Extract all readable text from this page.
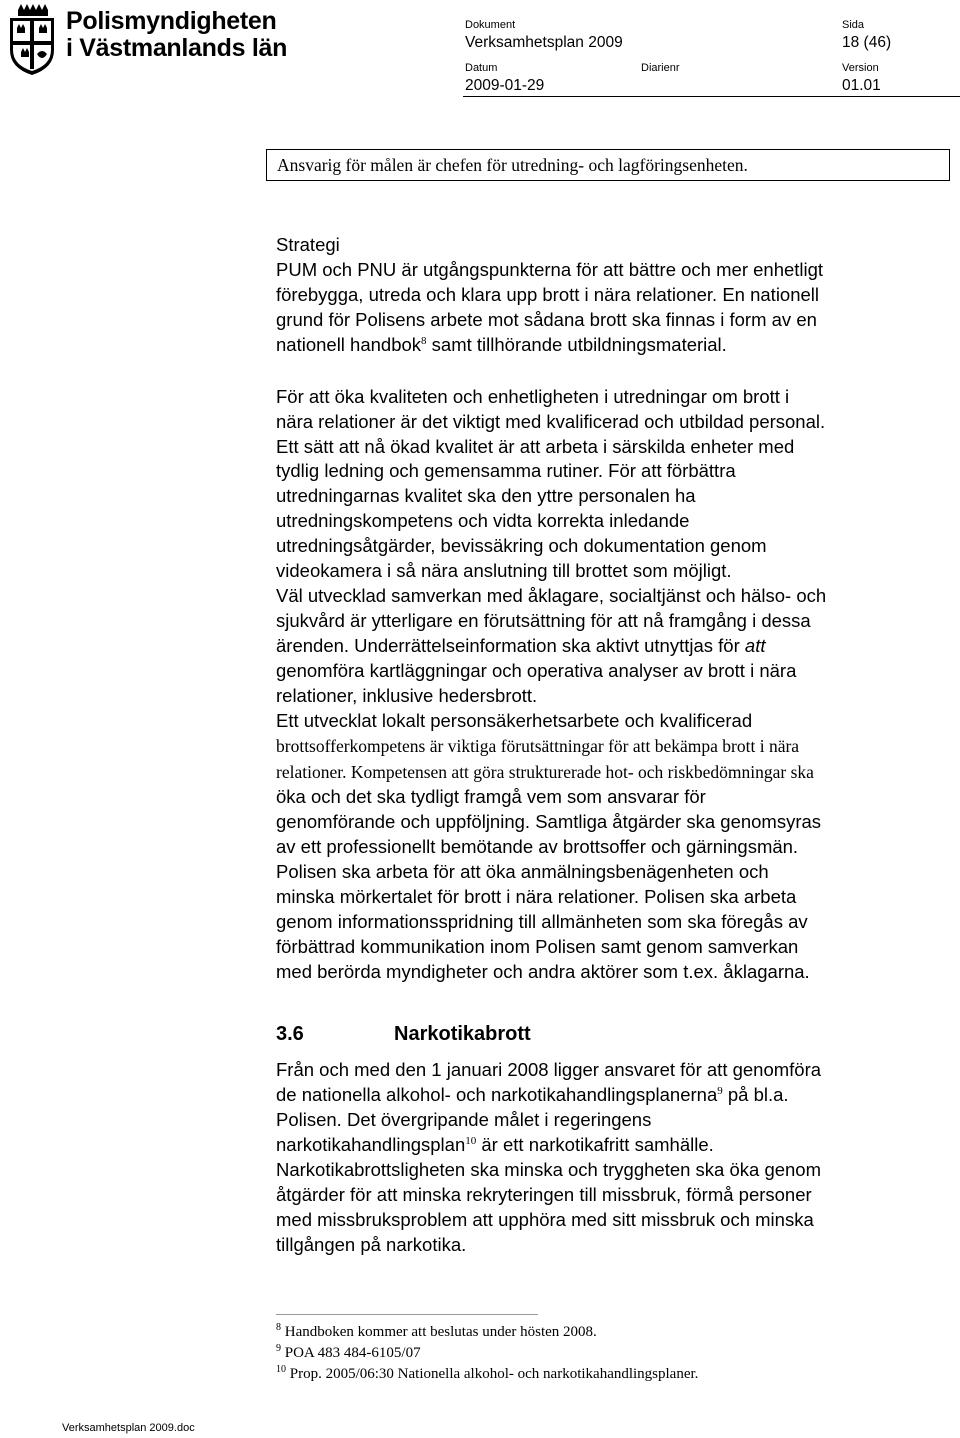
Polismyndigheten
i Västmanlands län
Dokument
Verksamhetsplan 2009
Sida
18 (46)
Datum
2009-01-29
Diarienr	Version
01.01
Ansvarig för målen är chefen för utredning- och lagföringsenheten.
Strategi
PUM och PNU är utgångspunkterna för att bättre och mer enhetligt
förebygga, utreda och klara upp brott i nära relationer. En nationell
grund för Polisens arbete mot sådana brott ska finnas i form av en
nationell handbok$^8$ samt tillhörande utbildningsmaterial.
För att öka kvaliteten och enhetligheten i utredningar om brott i
nära relationer är det viktigt med kvalificerad och utbildad personal.
Ett sätt att nå ökad kvalitet är att arbeta i särskilda enheter med
tydlig ledning och gemensamma rutiner. För att förbättra
utredningarnas kvalitet ska den yttre personalen ha
utredningskompetens och vidta korrekta inledande
utredningsåtgärder, bevissäkring och dokumentation genom
videokamera i så nära anslutning till brottet som möjligt.
Väl utvecklad samverkan med åklagare, socialtjänst och hälso- och
sjukvård är ytterligare en förutsättning för att nå framgång i dessa
ärenden. Underrättelseinformation ska aktivt utnyttjas för att
genomföra kartläggningar och operativa analyser av brott i nära
relationer, inklusive hedersbrott.
Ett utvecklat lokalt personsäkerhetsarbete och kvalificerad
brottsofferkompetens är viktiga förutsättningar för att bekämpa brott i nära
relationer. Kompetensen att göra strukturerade hot- och riskbedömningar ska
öka och det ska tydligt framgå vem som ansvarar för
genomförande och uppföljning. Samtliga åtgärder ska genomsyras
av ett professionellt bemötande av brottsoffer och gärningsmän.
Polisen ska arbeta för att öka anmälningsbenägenheten och
minska mörkertalet för brott i nära relationer. Polisen ska arbeta
genom informationsspridning till allmänheten som ska föregås av
förbättrad kommunikation inom Polisen samt genom samverkan
med berörda myndigheter och andra aktörer som t.ex. åklagarna.
3.6	Narkotikabrott
Från och med den 1 januari 2008 ligger ansvaret för att genomföra
de nationella alkohol- och narkotikahandlingsplanerna$^9$ på bl.a.
Polisen. Det övergripande målet i regeringens
narkotikahandlingsplan$^{10}$ är ett narkotikafritt samhälle.
Narkotikabrottsligheten ska minska och tryggheten ska öka genom
åtgärder för att minska rekryteringen till missbruk, förmå personer
med missbruksproblem att upphöra med sitt missbruk och minska
tillgången på narkotika.
$^8$ Handboken kommer att beslutas under hösten 2008.
$^9$ POA 483 484-6105/07
$^{10}$ Prop. 2005/06:30 Nationella alkohol- och narkotikahandlingsplaner.
Verksamhetsplan 2009.doc
